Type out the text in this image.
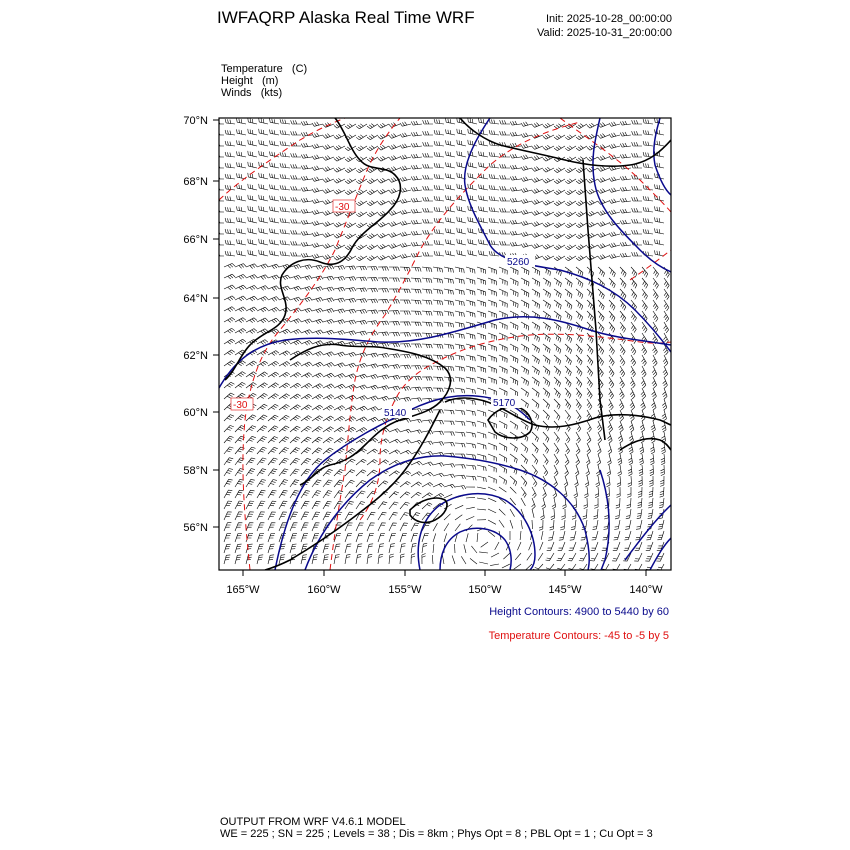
IWFAQRP Alaska Real Time WRF	Init: 2025-10-28_00:00:00
Valid: 2025-10-31_20:00:00
Temperature   (C)
Height   (m)
Winds   (kts)
5260
5140
5170
-30
-30
70°N
68°N
66°N
64°N
62°N
60°N
58°N
56°N
165°W	160°W	155°W	150°W	145°W	140°W
Height Contours: 4900 to 5440 by 60
Temperature Contours: -45 to -5 by 5
OUTPUT FROM WRF V4.6.1 MODEL
WE = 225 ; SN = 225 ; Levels = 38 ; Dis = 8km ; Phys Opt = 8 ; PBL Opt = 1 ; Cu Opt = 3
